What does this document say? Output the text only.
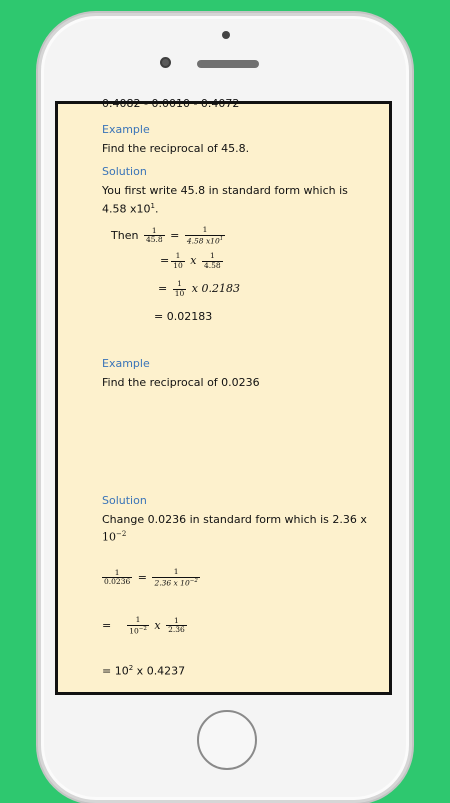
0.4082 - 0.0010 - 0.4072
Example
Find the reciprocal of 45.8.
Solution
You first write 45.8 in standard form which is
4.58 $x10^1$.
Then $\frac{1}{45.8} = \frac{1}{4.58 x10^1}$
= $\frac{1}{10}$ x $\frac{1}{4.58}$
= $\frac{1}{10}$ x 0.2183
= 0.02183
Example
Find the reciprocal of 0.0236
Solution
Change 0.0236 in standard form which is 2.36 x
$10^{-2}$
$\frac{1}{0.0236} = \frac{1}{2.36 x 10^{-2}}$
= $\frac{1}{10^{-2}}$ x $\frac{1}{2.36}$
= $10^2$ x 0.4237
